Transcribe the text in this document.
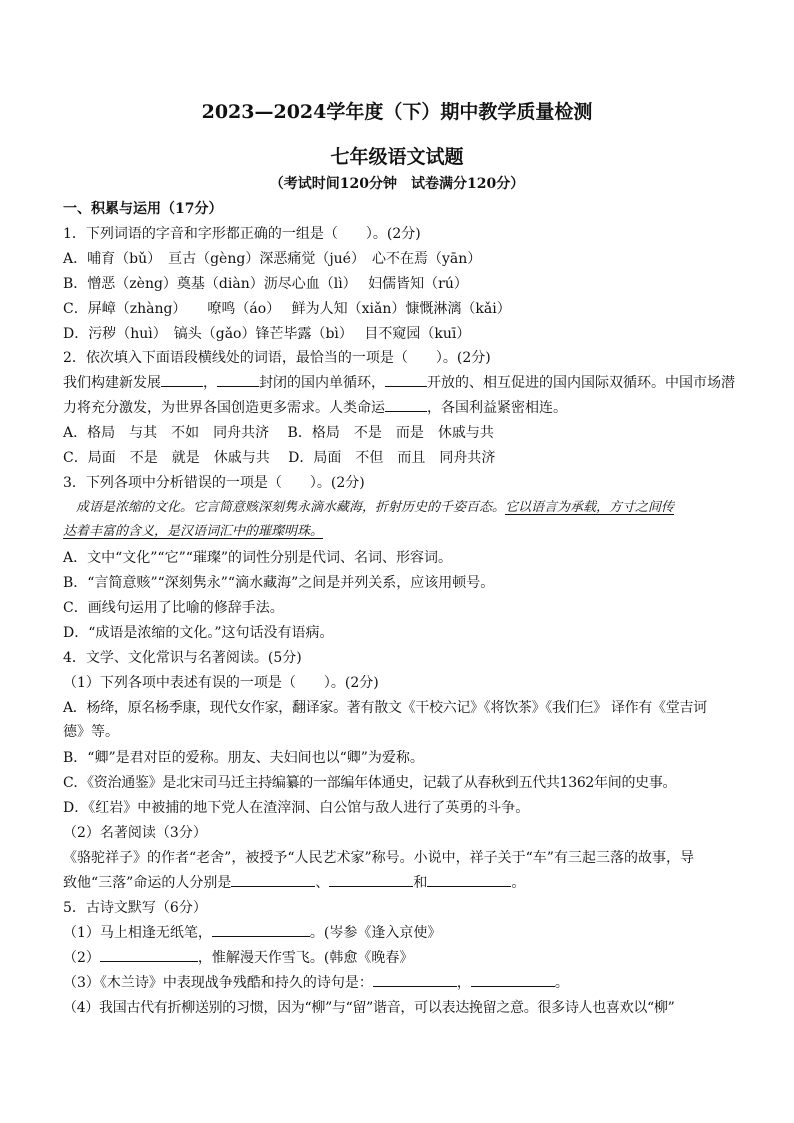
2023—2024学年度（下）期中教学质量检测
七年级语文试题
（考试时间120分钟　试卷满分120分）
一、积累与运用（17分）
1．下列词语的字音和字形都正确的一组是（　　）。(2分)
A．哺育（bǔ）　亘古（gèng）深恶痛觉（jué）　心不在焉（yān）
B．憎恶（zèng）奠基（diàn）沥尽心血（lì）　 妇儒皆知（rú）
C．屏嶂（zhàng）　　嘹鸣（áo）　 鲜为人知（xiǎn）慷慨淋漓（kǎi）
D．污秽（huì）　镐头（gǎo）锋芒毕露（bì）　 目不窥园（kuī）
2．依次填入下面语段横线处的词语，最恰当的一项是（　　）。(2分)
我们构建新发展	，	封闭的国内单循环，	开放的、相互促进的国内国际双循环。中国市场潜
力将充分激发，为世界各国创造更多需求。人类命运	，各国利益紧密相连。
A．格局　与其　不如　同舟共济　 B．格局　不是　而是　休戚与共
C．局面　不是　就是　休戚与共　 D．局面　不但　而且　同舟共济
3．下列各项中分析错误的一项是（　　）。(2分)
　成语是浓缩的文化。它言简意赅深刻隽永滴水藏海，折射历史的千姿百态。它以语言为承载，方寸之间传
达着丰富的含义，是汉语词汇中的璀璨明珠。
A．文中“文化”“它”“璀璨”的词性分别是代词、名词、形容词。
B．“言简意赅”“深刻隽永”“滴水藏海”之间是并列关系，应该用顿号。
C．画线句运用了比喻的修辞手法。
D．“成语是浓缩的文化。”这句话没有语病。
4．文学、文化常识与名著阅读。(5分)
（1）下列各项中表述有误的一项是（　　）。(2分)
A．杨绛，原名杨季康，现代女作家，翻译家。著有散文《干校六记》《将饮茶》《我们仨》 译作有《堂吉诃
德》等。
B．“卿”是君对臣的爱称。朋友、夫妇间也以“卿”为爱称。
C．《资治通鉴》是北宋司马迁主持编纂的一部编年体通史，记载了从春秋到五代共1362年间的史事。
D．《红岩》中被捕的地下党人在渣滓洞、白公馆与敌人进行了英勇的斗争。
（2）名著阅读（3分）
《骆驼祥子》的作者“老舍”，被授予“人民艺术家”称号。小说中，祥子关于“车”有三起三落的故事，导
致他“三落”命运的人分别是	、	和	。
5．古诗文默写（6分）
（1）马上相逢无纸笔，	。(岑参《逢入京使》
（2）	，惟解漫天作雪飞。(韩愈《晚春》
（3）《木兰诗》中表现战争残酷和持久的诗句是：	，	。
（4）我国古代有折柳送别的习惯，因为“柳”与“留”谐音，可以表达挽留之意。很多诗人也喜欢以“柳”
